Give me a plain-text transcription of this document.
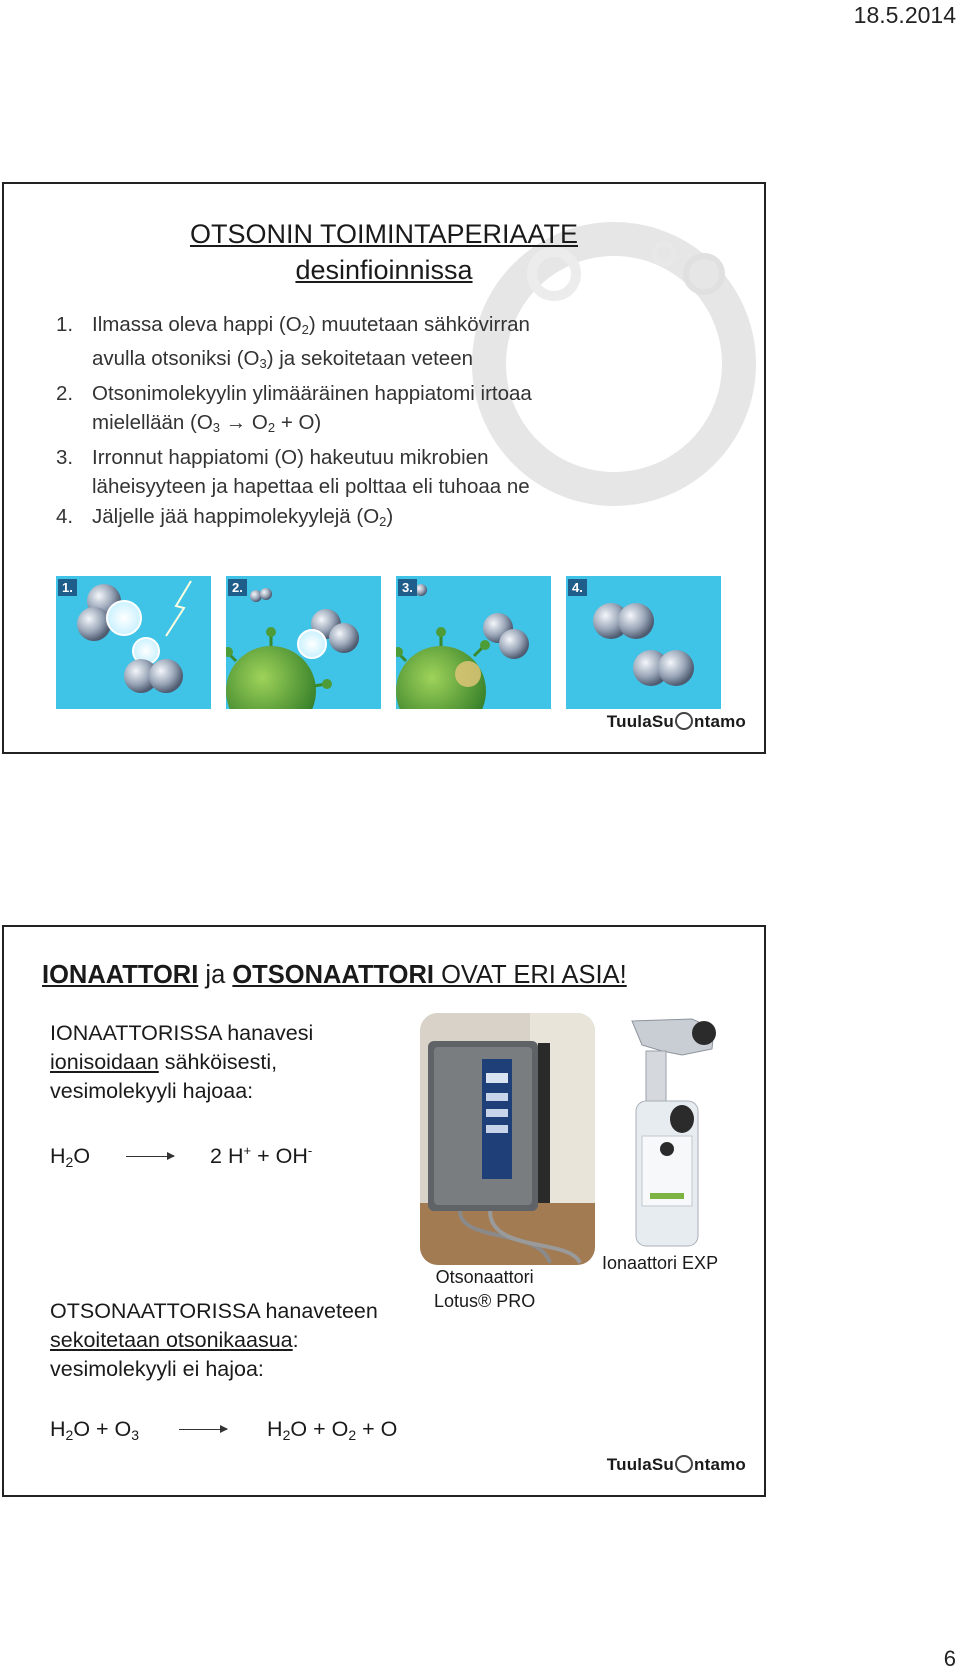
18.5.2014
OTSONIN TOIMINTAPERIAATE
desinfioinnissa
1. Ilmassa oleva happi $(O_2)$ muutetaan sähkövirran
avulla otsoniksi $(O_3)$ ja sekoitetaan veteen
2. Otsonimolekyylin ylimääräinen happiatomi irtoaa
mielellään $(O_3 \to O_2 + O)$
3. Irronnut happiatomi (O) hakeutuu mikrobien
läheisyyteen ja hapettaa eli polttaa eli tuhoaa ne
4. Jäljelle jää happimolekyylejä $(O_2)$
1.	2.	3.	4.
TuulaSu ntamo
IONAATTORI ja OTSONAATTORI OVAT ERI ASIA!
IONAATTORISSA hanavesi
ionisoidaan sähköisesti,
vesimolekyyli hajoaa:
$H_2O$	2 H+ + OH-
OTSONAATTORISSA hanaveteen
sekoitetaan otsonikaasua:
vesimolekyyli ei hajoa:
$H_2O + O_3$	$H_2O + O_2 + O$
Otsonaattori
Lotus® PRO
Ionaattori EXP
TuulaSu ntamo
6
